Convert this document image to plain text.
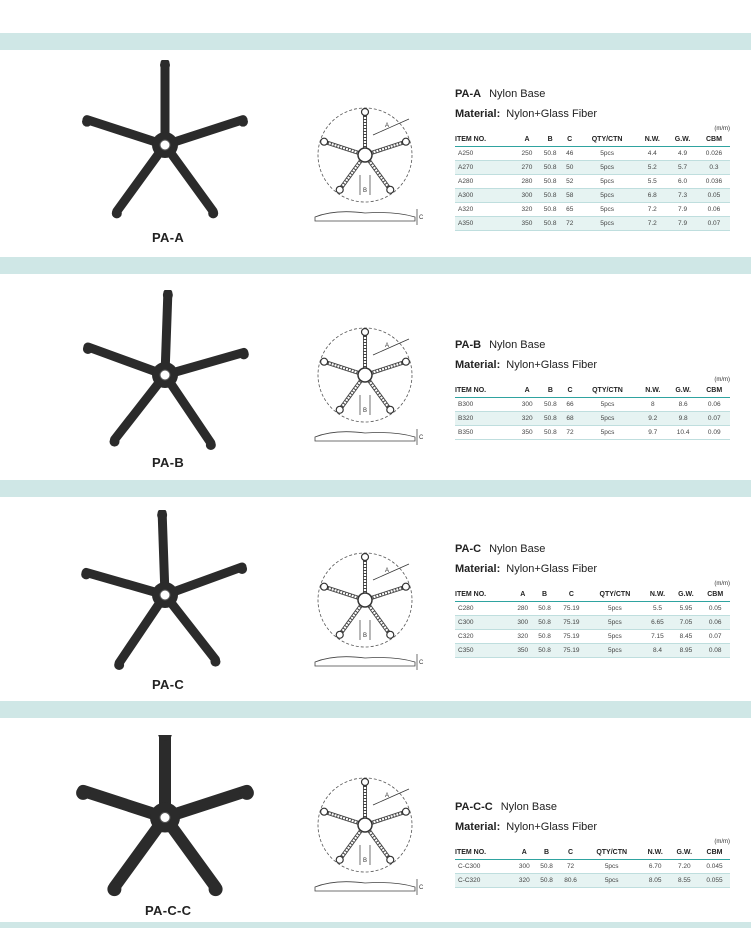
PA-A
A
B
C
PA-A Nylon Base
Material: Nylon+Glass Fiber
(m/m)
ITEM NO.	A	B	C	QTY/CTN	N.W.	G.W.	CBM
A250	250	50.8	46	5pcs	4.4	4.9	0.026
A270	270	50.8	50	5pcs	5.2	5.7	0.3
A280	280	50.8	52	5pcs	5.5	6.0	0.036
A300	300	50.8	58	5pcs	6.8	7.3	0.05
A320	320	50.8	65	5pcs	7.2	7.9	0.06
A350	350	50.8	72	5pcs	7.2	7.9	0.07
PA-B
A
B
C
PA-B Nylon Base
Material: Nylon+Glass Fiber
(m/m)
ITEM NO.	A	B	C	QTY/CTN	N.W.	G.W.	CBM
B300	300	50.8	66	5pcs	8	8.6	0.06
B320	320	50.8	68	5pcs	9.2	9.8	0.07
B350	350	50.8	72	5pcs	9.7	10.4	0.09
PA-C
A
B
C
PA-C Nylon Base
Material: Nylon+Glass Fiber
(m/m)
ITEM NO.	A	B	C	QTY/CTN	N.W.	G.W.	CBM
C280	280	50.8	75.19	5pcs	5.5	5.95	0.05
C300	300	50.8	75.19	5pcs	6.65	7.05	0.06
C320	320	50.8	75.19	5pcs	7.15	8.45	0.07
C350	350	50.8	75.19	5pcs	8.4	8.95	0.08
PA-C-C
A
B
C
PA-C-C Nylon Base
Material: Nylon+Glass Fiber
(m/m)
ITEM NO.	A	B	C	QTY/CTN	N.W.	G.W.	CBM
C-C300	300	50.8	72	5pcs	6.70	7.20	0.045
C-C320	320	50.8	80.6	5pcs	8.05	8.55	0.055
